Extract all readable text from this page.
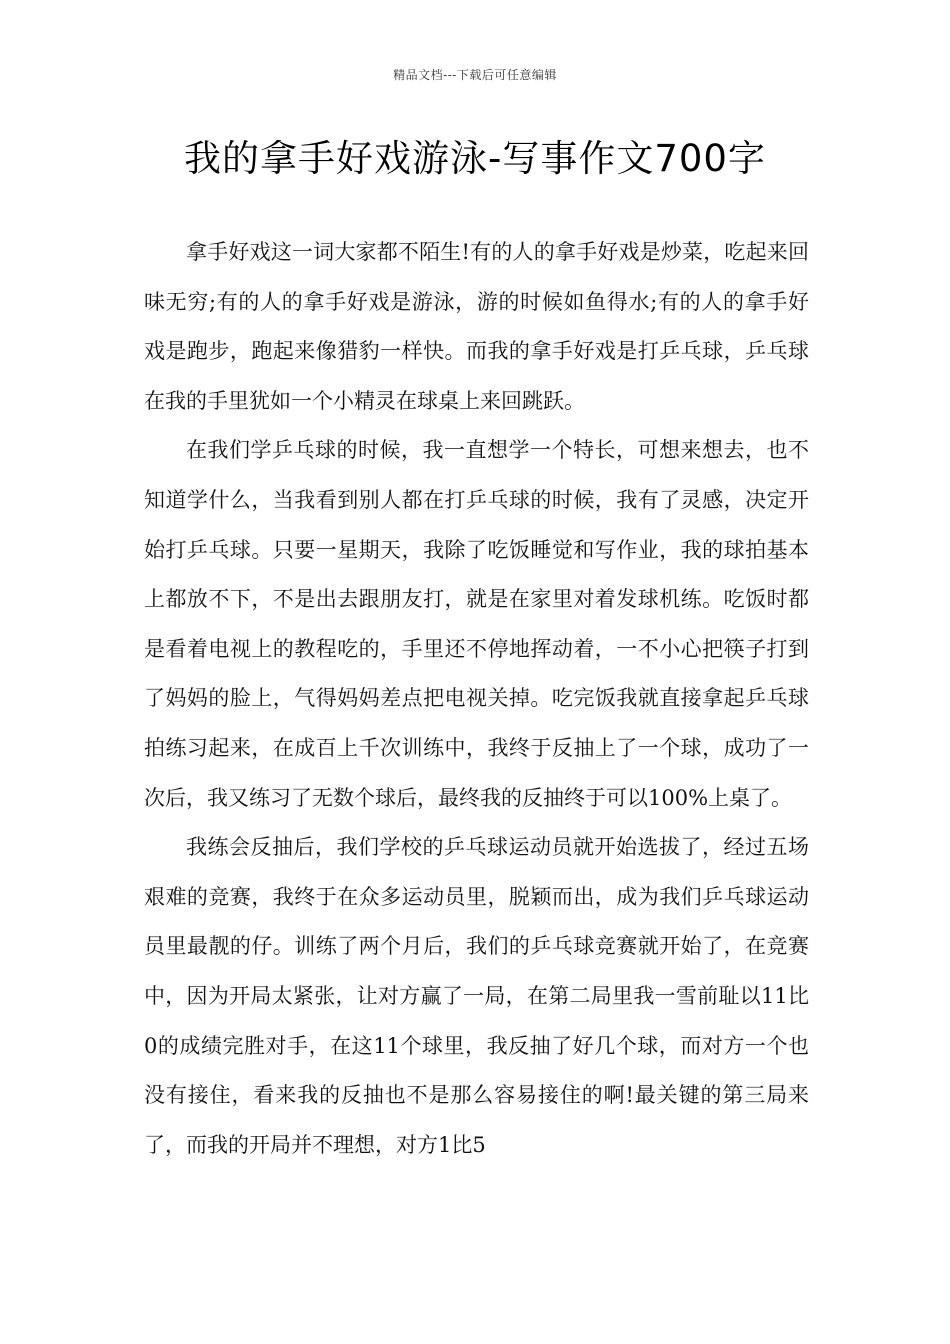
精品文档---下载后可任意编辑
我的拿手好戏游泳-写事作文700字

拿手好戏这一词大家都不陌生!有的人的拿手好戏是炒菜，吃起来回味无穷;有的人的拿手好戏是游泳，游的时候如鱼得水;有的人的拿手好戏是跑步，跑起来像猎豹一样快。而我的拿手好戏是打乒乓球，乒乓球在我的手里犹如一个小精灵在球桌上来回跳跃。

在我们学乒乓球的时候，我一直想学一个特长，可想来想去，也不知道学什么，当我看到别人都在打乒乓球的时候，我有了灵感，决定开始打乒乓球。只要一星期天，我除了吃饭睡觉和写作业，我的球拍基本上都放不下，不是出去跟朋友打，就是在家里对着发球机练。吃饭时都是看着电视上的教程吃的，手里还不停地挥动着，一不小心把筷子打到了妈妈的脸上，气得妈妈差点把电视关掉。吃完饭我就直接拿起乒乓球拍练习起来，在成百上千次训练中，我终于反抽上了一个球，成功了一次后，我又练习了无数个球后，最终我的反抽终于可以100%上桌了。

我练会反抽后，我们学校的乒乓球运动员就开始选拔了，经过五场艰难的竞赛，我终于在众多运动员里，脱颖而出，成为我们乒乓球运动员里最靓的仔。训练了两个月后，我们的乒乓球竞赛就开始了，在竞赛中，因为开局太紧张，让对方赢了一局，在第二局里我一雪前耻以11比0的成绩完胜对手，在这11个球里，我反抽了好几个球，而对方一个也没有接住，看来我的反抽也不是那么容易接住的啊!最关键的第三局来了，而我的开局并不理想，对方1比5
